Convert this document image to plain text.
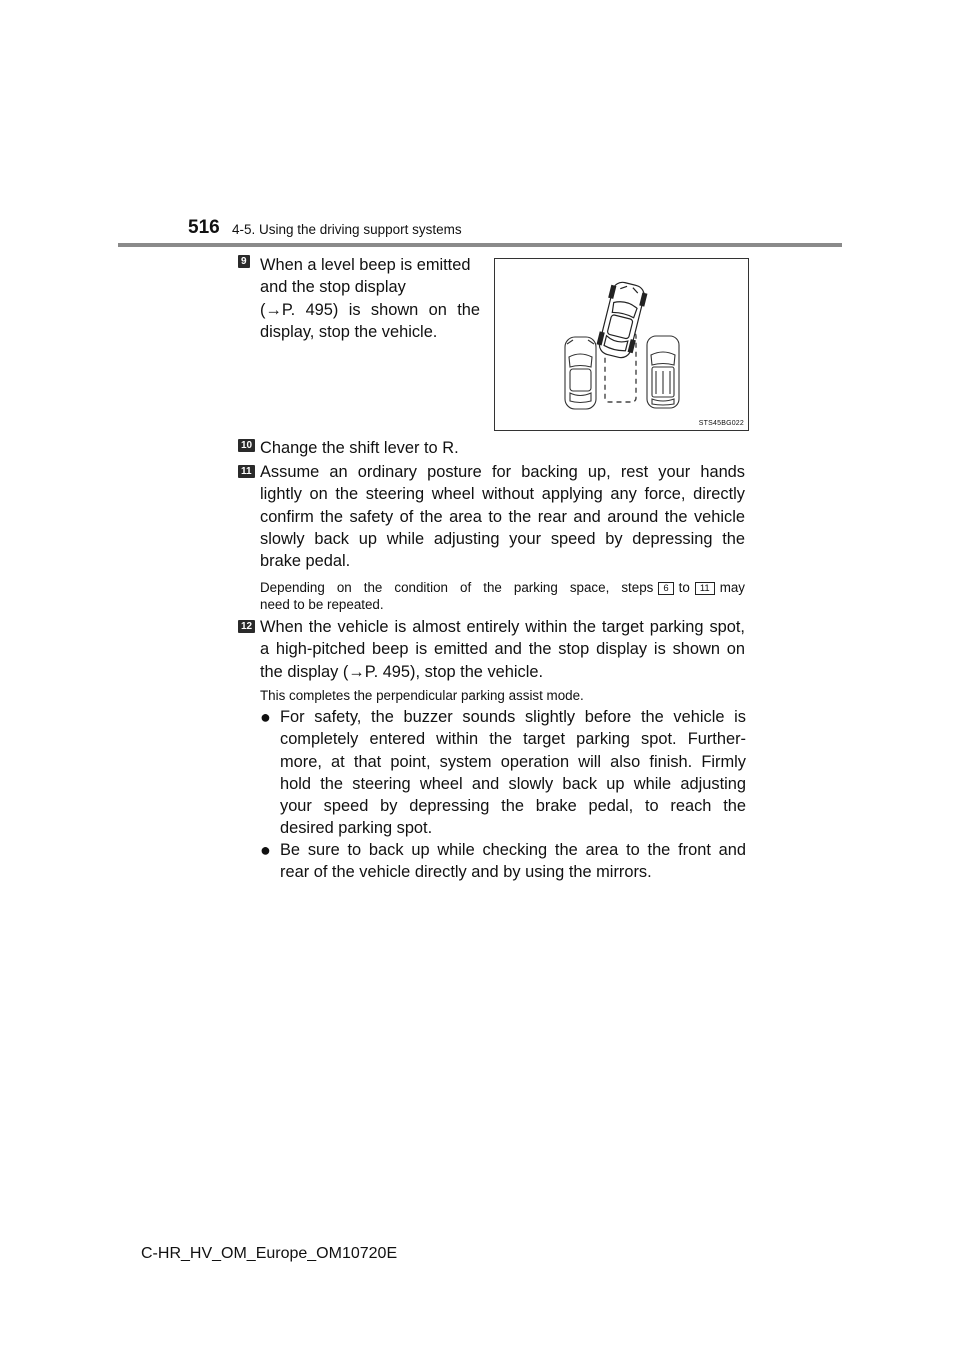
516 4-5. Using the driving support systems
9 When a level beep is emitted
and the stop display
(→P. 495) is shown on the
display, stop the vehicle.
STS45BG022
10 Change the shift lever to R.
11 Assume an ordinary posture for backing up, rest your hands
lightly on the steering wheel without applying any force, directly
confirm the safety of the area to the rear and around the vehicle
slowly back up while adjusting your speed by depressing the
brake pedal.
Depending on the condition of the parking space, steps 6 to 11 may
need to be repeated.
12 When the vehicle is almost entirely within the target parking spot,
a high-pitched beep is emitted and the stop display is shown on
the display (→P. 495), stop the vehicle.
This completes the perpendicular parking assist mode.
● For safety, the buzzer sounds slightly before the vehicle is
completely entered within the target parking spot. Further-
more, at that point, system operation will also finish. Firmly
hold the steering wheel and slowly back up while adjusting
your speed by depressing the brake pedal, to reach the
desired parking spot.
● Be sure to back up while checking the area to the front and
rear of the vehicle directly and by using the mirrors.
C-HR_HV_OM_Europe_OM10720E
